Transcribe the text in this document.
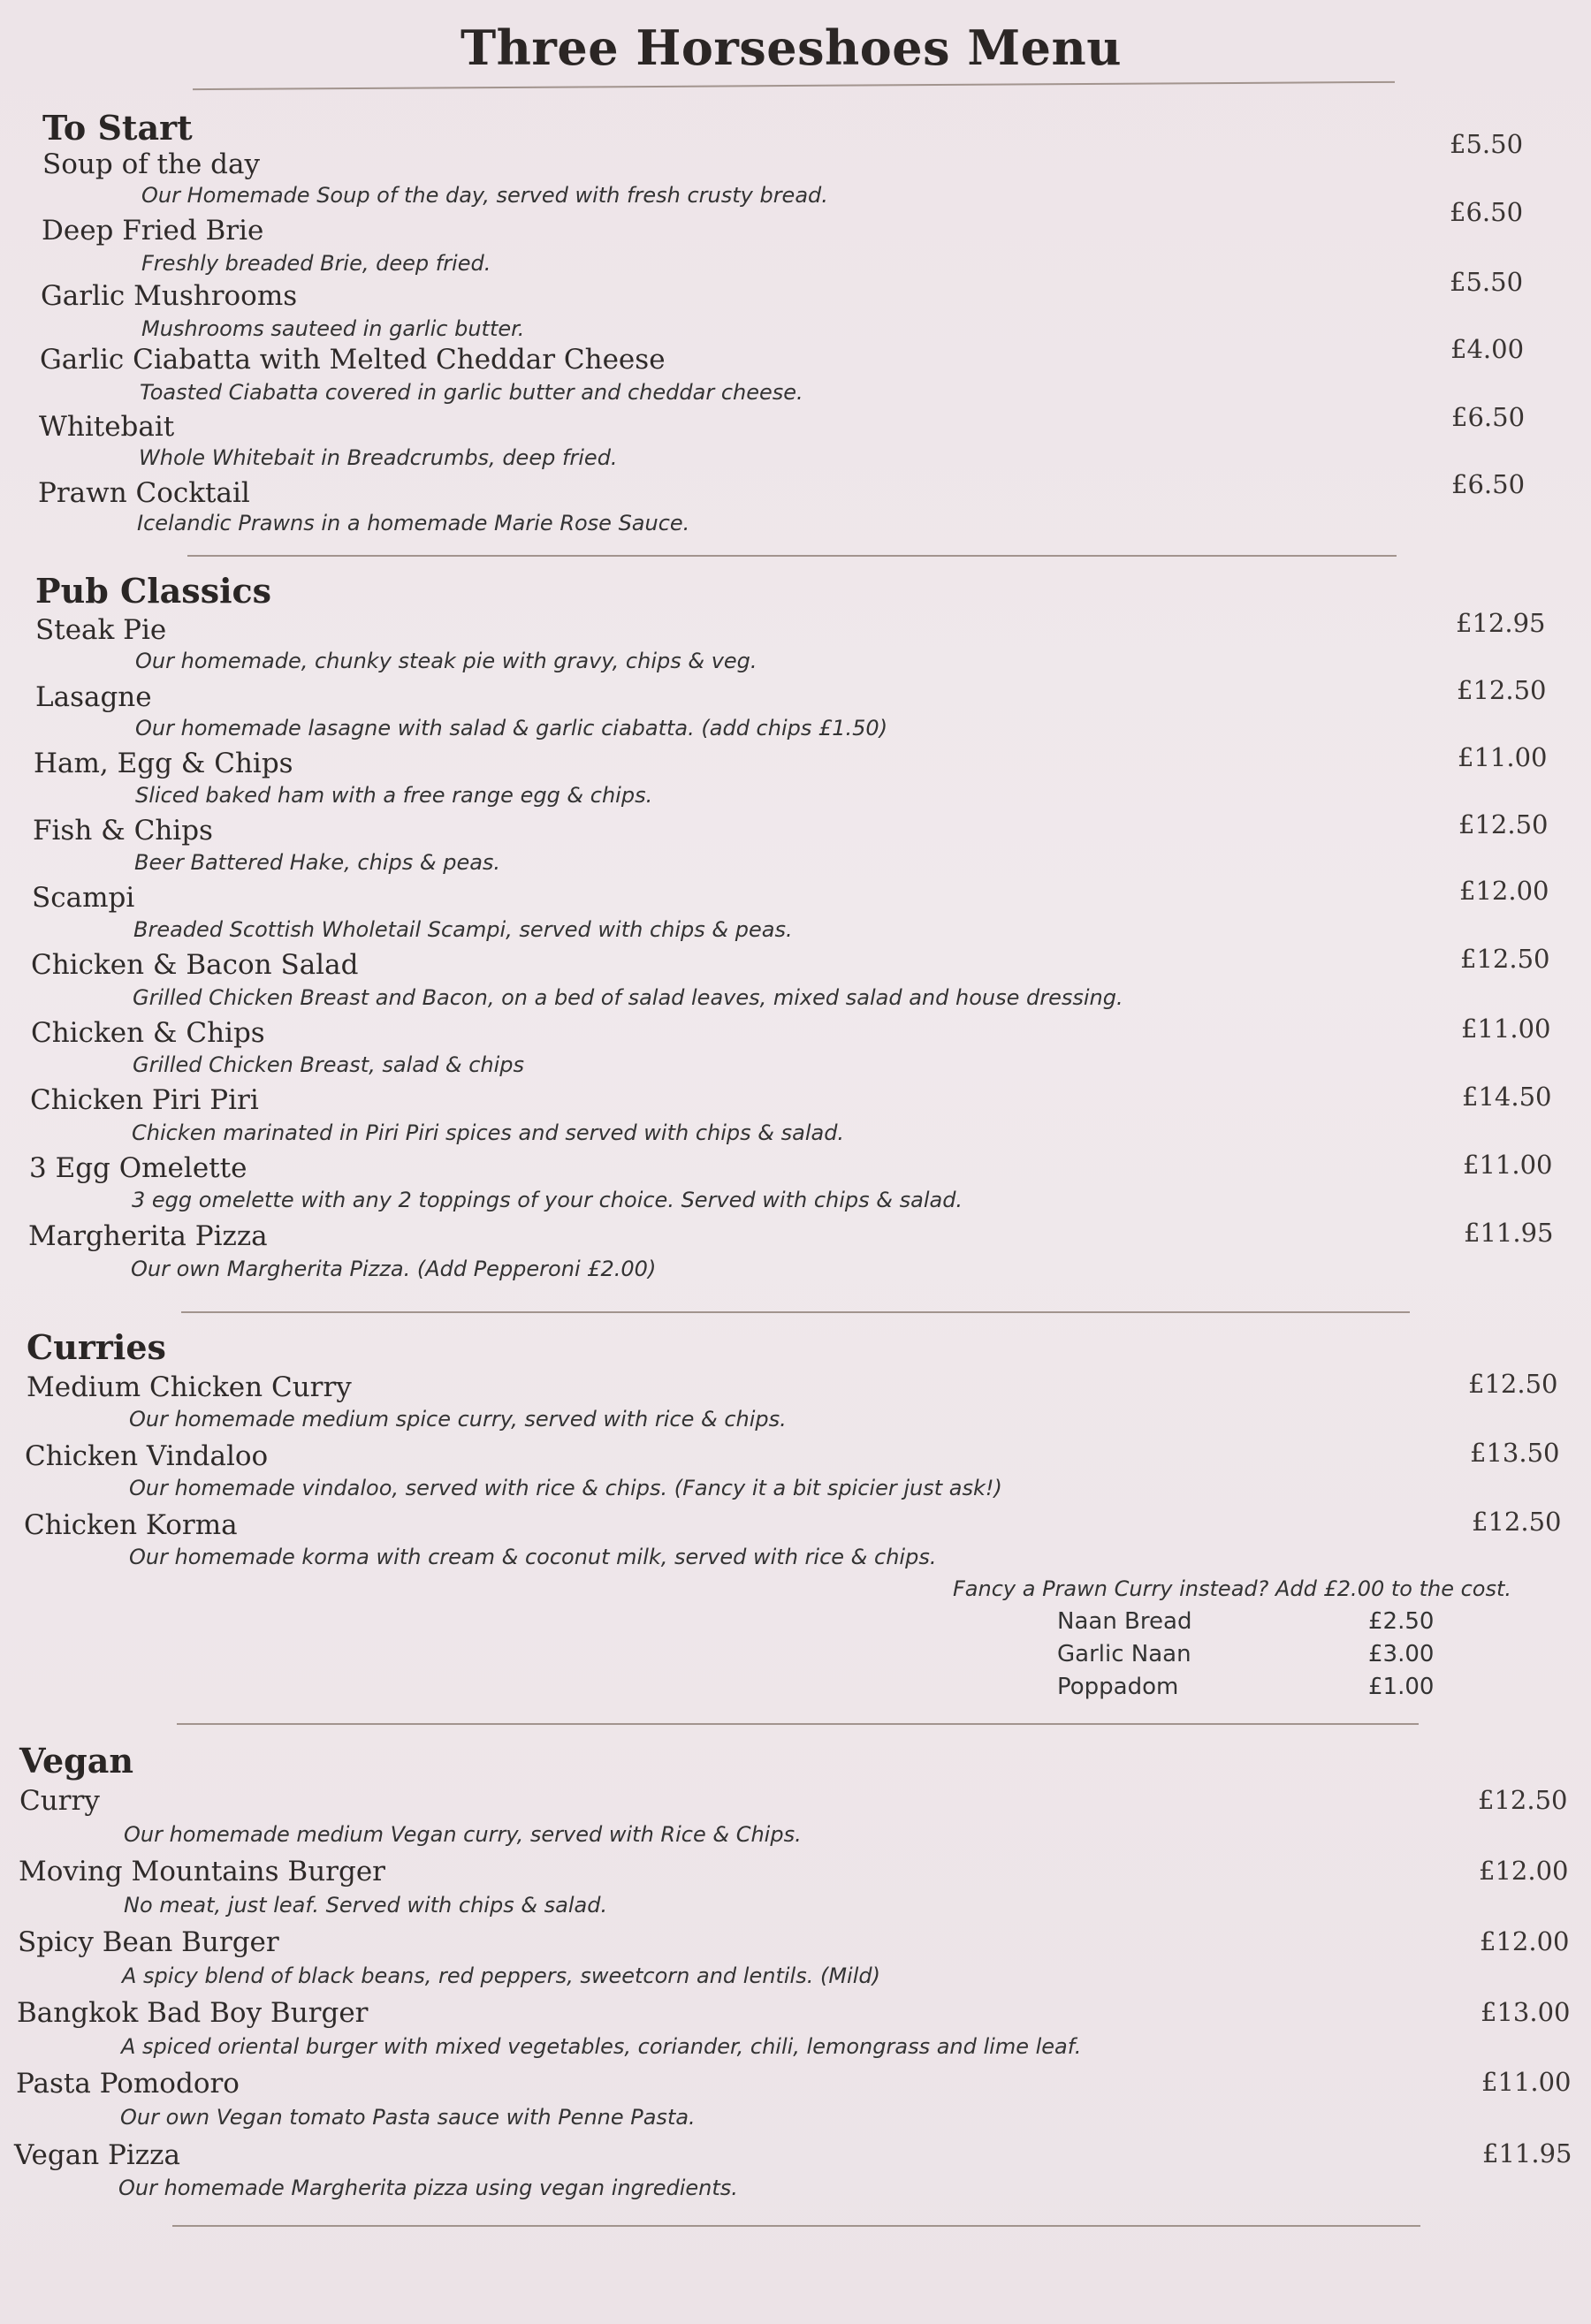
Three Horseshoes Menu
To Start
Soup of the day
Our Homemade Soup of the day, served with fresh crusty bread.
£5.50
Deep Fried Brie
Freshly breaded Brie, deep fried.
£6.50
Garlic Mushrooms
Mushrooms sauteed in garlic butter.
£5.50
Garlic Ciabatta with Melted Cheddar Cheese
Toasted Ciabatta covered in garlic butter and cheddar cheese.
£4.00
Whitebait
Whole Whitebait in Breadcrumbs, deep fried.
£6.50
Prawn Cocktail
Icelandic Prawns in a homemade Marie Rose Sauce.
£6.50
Pub Classics
Steak Pie
Our homemade, chunky steak pie with gravy, chips & veg.
£12.95
Lasagne
Our homemade lasagne with salad & garlic ciabatta. (add chips £1.50)
£12.50
Ham, Egg & Chips
Sliced baked ham with a free range egg & chips.
£11.00
Fish & Chips
Beer Battered Hake, chips & peas.
£12.50
Scampi
Breaded Scottish Wholetail Scampi, served with chips & peas.
£12.00
Chicken & Bacon Salad
Grilled Chicken Breast and Bacon, on a bed of salad leaves, mixed salad and house dressing.
£12.50
Chicken & Chips
Grilled Chicken Breast, salad & chips
£11.00
Chicken Piri Piri
Chicken marinated in Piri Piri spices and served with chips & salad.
£14.50
3 Egg Omelette
3 egg omelette with any 2 toppings of your choice. Served with chips & salad.
£11.00
Margherita Pizza
Our own Margherita Pizza. (Add Pepperoni £2.00)
£11.95
Curries
Medium Chicken Curry
Our homemade medium spice curry, served with rice & chips.
£12.50
Chicken Vindaloo
Our homemade vindaloo, served with rice & chips. (Fancy it a bit spicier just ask!)
£13.50
Chicken Korma
Our homemade korma with cream & coconut milk, served with rice & chips.
£12.50
Fancy a Prawn Curry instead? Add £2.00 to the cost.
Naan Bread	£2.50
Garlic Naan	£3.00
Poppadom	£1.00
Vegan
Curry
Our homemade medium Vegan curry, served with Rice & Chips.
£12.50
Moving Mountains Burger
No meat, just leaf. Served with chips & salad.
£12.00
Spicy Bean Burger
A spicy blend of black beans, red peppers, sweetcorn and lentils. (Mild)
£12.00
Bangkok Bad Boy Burger
A spiced oriental burger with mixed vegetables, coriander, chili, lemongrass and lime leaf.
£13.00
Pasta Pomodoro
Our own Vegan tomato Pasta sauce with Penne Pasta.
£11.00
Vegan Pizza
Our homemade Margherita pizza using vegan ingredients.
£11.95
